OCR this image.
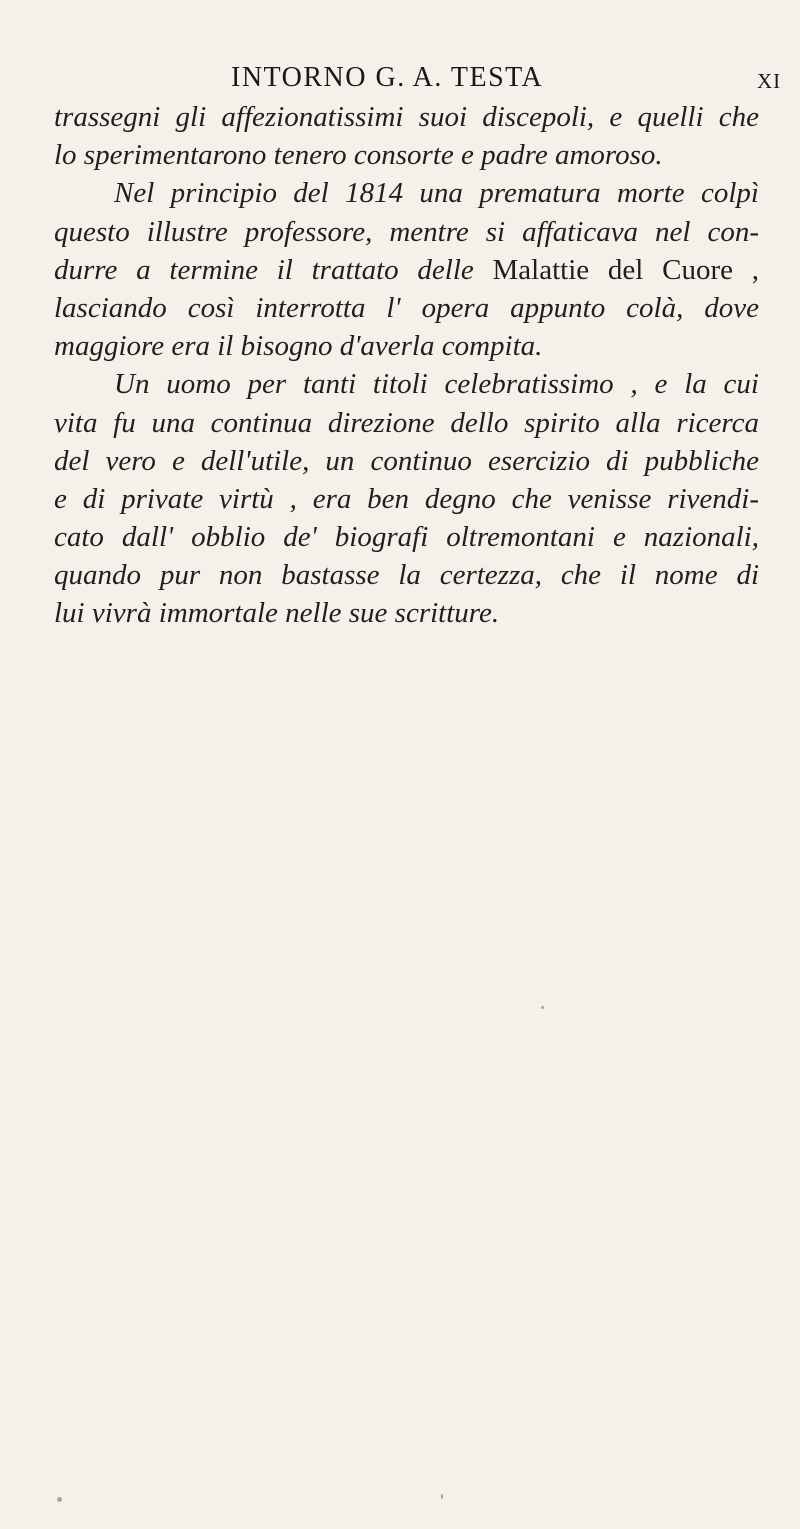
INTORNO G. A. TESTA	XI
trassegni gli affezionatissimi suoi discepoli, e quelli che
lo sperimentarono tenero consorte e padre amoroso.
Nel principio del 1814 una prematura morte colpì
questo illustre professore, mentre si affaticava nel con-
durre a termine il trattato delle Malattie del Cuore ,
lasciando così interrotta l' opera appunto colà, dove
maggiore era il bisogno d'averla compita.
Un uomo per tanti titoli celebratissimo , e la cui
vita fu una continua direzione dello spirito alla ricerca
del vero e dell'utile, un continuo esercizio di pubbliche
e di private virtù , era ben degno che venisse rivendi-
cato dall' obblio de' biografi oltremontani e nazionali,
quando pur non bastasse la certezza, che il nome di
lui vivrà immortale nelle sue scritture.
